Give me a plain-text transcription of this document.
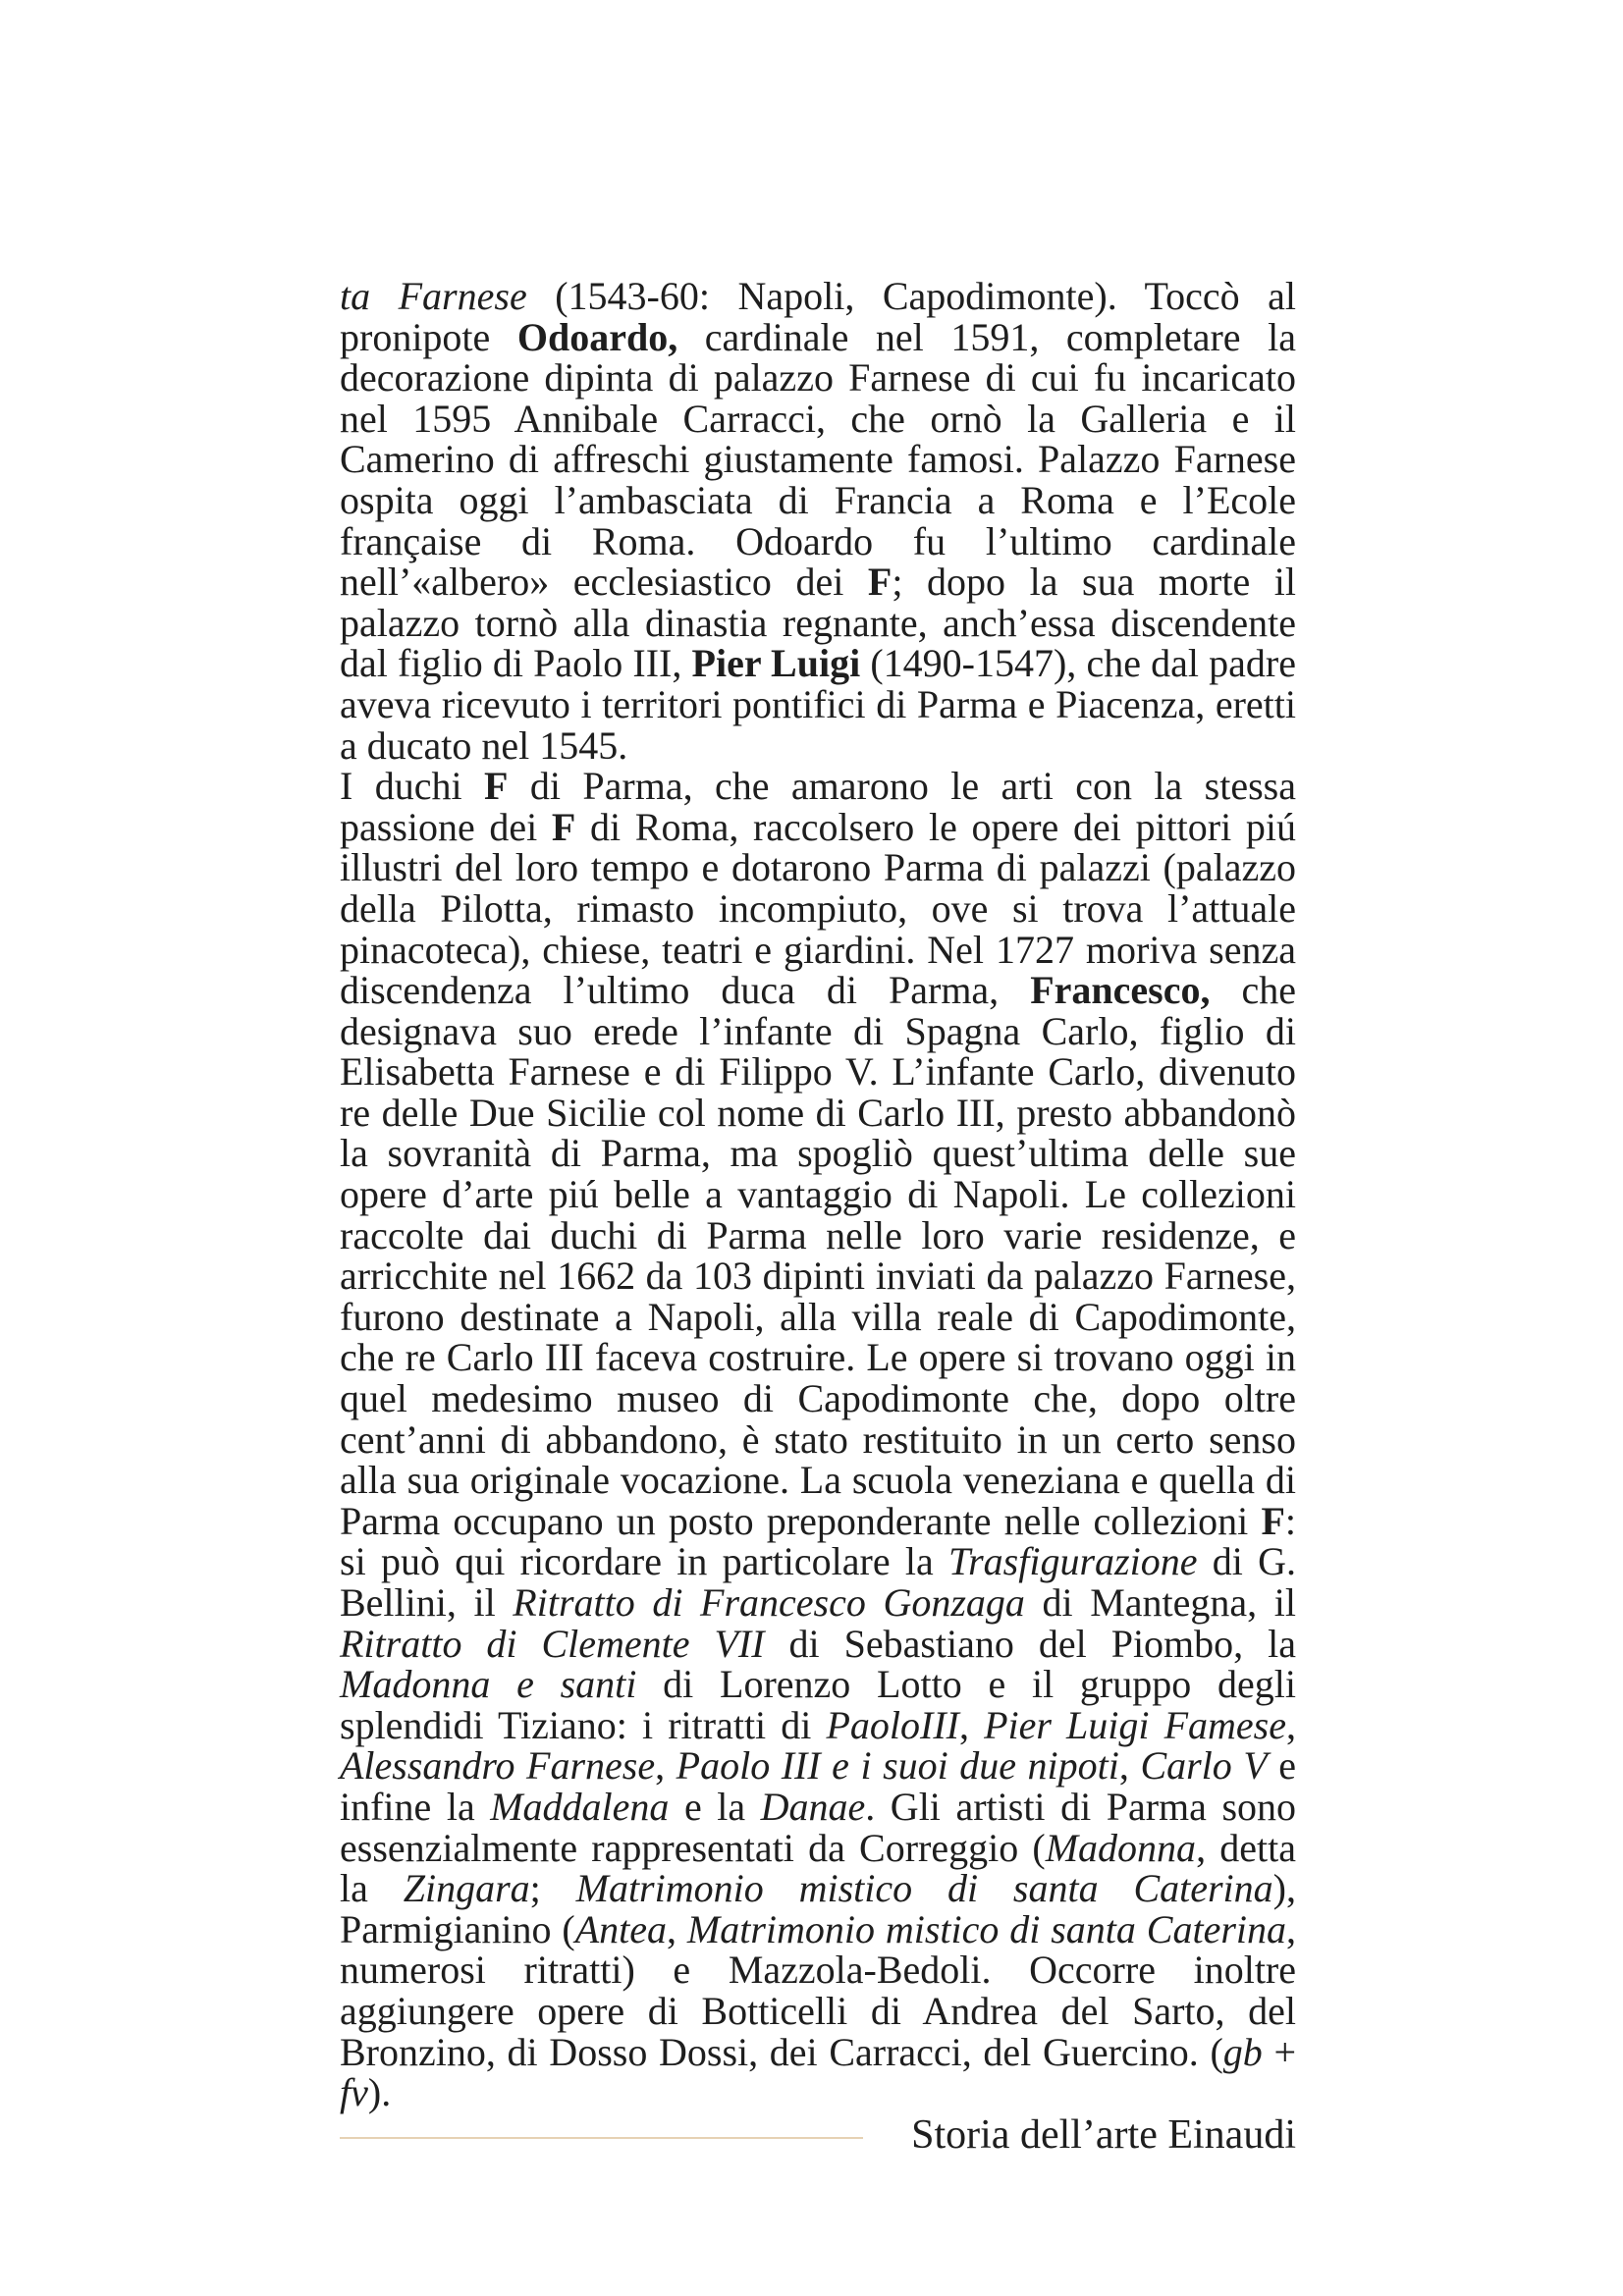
ta Farnese (1543-60: Napoli, Capodimonte). Toccò al pronipote Odoardo, cardinale nel 1591, completare la decorazione dipinta di palazzo Farnese di cui fu incaricato nel 1595 Annibale Carracci, che ornò la Galleria e il Camerino di affreschi giustamente famosi. Palazzo Farnese ospita oggi l’ambasciata di Francia a Roma e l’Ecole française di Roma. Odoardo fu l’ultimo cardinale nell’«albero» ecclesiastico dei F; dopo la sua morte il palazzo tornò alla dinastia regnante, anch’essa discendente dal figlio di Paolo III, Pier Luigi (1490-1547), che dal padre aveva ricevuto i territori pontifici di Parma e Piacenza, eretti a ducato nel 1545.

I duchi F di Parma, che amarono le arti con la stessa passione dei F di Roma, raccolsero le opere dei pittori piú illustri del loro tempo e dotarono Parma di palazzi (palazzo della Pilotta, rimasto incompiuto, ove si trova l’attuale pinacoteca), chiese, teatri e giardini. Nel 1727 moriva senza discendenza l’ultimo duca di Parma, Francesco, che designava suo erede l’infante di Spagna Carlo, figlio di Elisabetta Farnese e di Filippo V. L’infante Carlo, divenuto re delle Due Sicilie col nome di Carlo III, presto abbandonò la sovranità di Parma, ma spogliò quest’ultima delle sue opere d’arte piú belle a vantaggio di Napoli. Le collezioni raccolte dai duchi di Parma nelle loro varie residenze, e arricchite nel 1662 da 103 dipinti inviati da palazzo Farnese, furono destinate a Napoli, alla villa reale di Capodimonte, che re Carlo III faceva costruire. Le opere si trovano oggi in quel medesimo museo di Capodimonte che, dopo oltre cent’anni di abbandono, è stato restituito in un certo senso alla sua originale vocazione. La scuola veneziana e quella di Parma occupano un posto preponderante nelle collezioni F: si può qui ricordare in particolare la Trasfigurazione di G. Bellini, il Ritratto di Francesco Gonzaga di Mantegna, il Ritratto di Clemente VII di Sebastiano del Piombo, la Madonna e santi di Lorenzo Lotto e il gruppo degli splendidi Tiziano: i ritratti di PaoloIII, Pier Luigi Famese, Alessandro Farnese, Paolo III e i suoi due nipoti, Carlo V e infine la Maddalena e la Danae. Gli artisti di Parma sono essenzialmente rappresentati da Correggio (Madonna, detta la Zingara; Matrimonio mistico di santa Caterina), Parmigianino (Antea, Matrimonio mistico di santa Caterina, numerosi ritratti) e Mazzola-Bedoli. Occorre inoltre aggiungere opere di Botticelli di Andrea del Sarto, del Bronzino, di Dosso Dossi, dei Carracci, del Guercino. (gb + fv).

Storia dell’arte Einaudi
